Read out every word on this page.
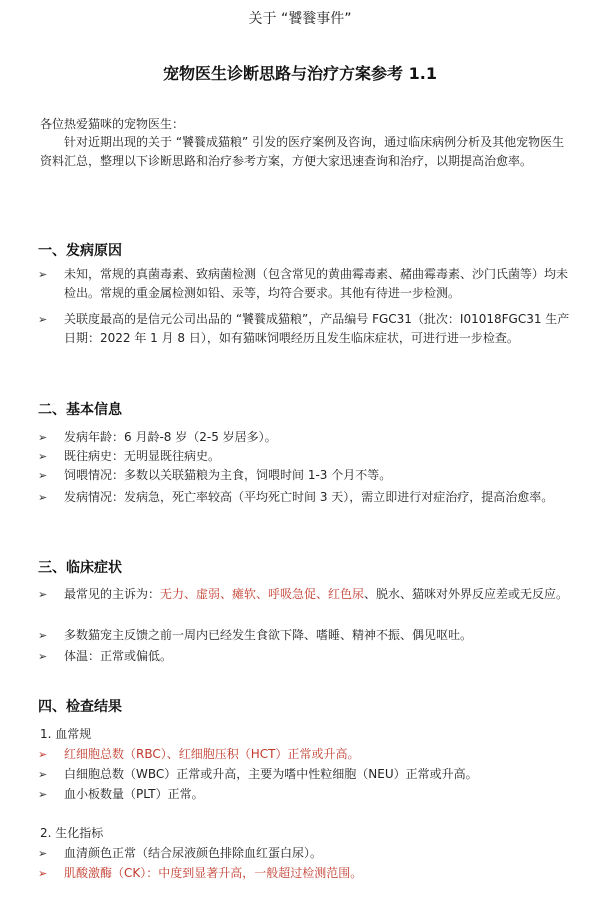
关于 “饕餮事件”
宠物医生诊断思路与治疗方案参考 1.1
各位热爱猫咪的宠物医生：
针对近期出现的关于 “饕餮成猫粮” 引发的医疗案例及咨询，通过临床病例分析及其他宠物医生资料汇总，整理以下诊断思路和治疗参考方案，方便大家迅速查询和治疗，以期提高治愈率。
一、发病原因
➢	未知，常规的真菌毒素、致病菌检测（包含常见的黄曲霉毒素、赭曲霉毒素、沙门氏菌等）均未检出。常规的重金属检测如铅、汞等，均符合要求。其他有待进一步检测。
➢	关联度最高的是信元公司出品的 “饕餮成猫粮”，产品编号 FGC31（批次：I01018FGC31 生产日期：2022 年 1 月 8 日），如有猫咪饲喂经历且发生临床症状，可进行进一步检查。
二、基本信息
➢	发病年龄：6 月龄-8 岁（2-5 岁居多）。
➢	既往病史：无明显既往病史。
➢	饲喂情况：多数以关联猫粮为主食，饲喂时间 1-3 个月不等。
➢	发病情况：发病急，死亡率较高（平均死亡时间 3 天），需立即进行对症治疗，提高治愈率。
三、临床症状
➢	最常见的主诉为：无力、虚弱、瘫软、呼吸急促、红色尿、脱水、猫咪对外界反应差或无反应。
➢	多数猫宠主反馈之前一周内已经发生食欲下降、嗜睡、精神不振、偶见呕吐。
➢	体温：正常或偏低。
四、检查结果
1. 血常规
➢	红细胞总数（RBC）、红细胞压积（HCT）正常或升高。
➢	白细胞总数（WBC）正常或升高，主要为嗜中性粒细胞（NEU）正常或升高。
➢	血小板数量（PLT）正常。
2. 生化指标
➢	血清颜色正常（结合尿液颜色排除血红蛋白尿）。
➢	肌酸激酶（CK）：中度到显著升高，一般超过检测范围。
